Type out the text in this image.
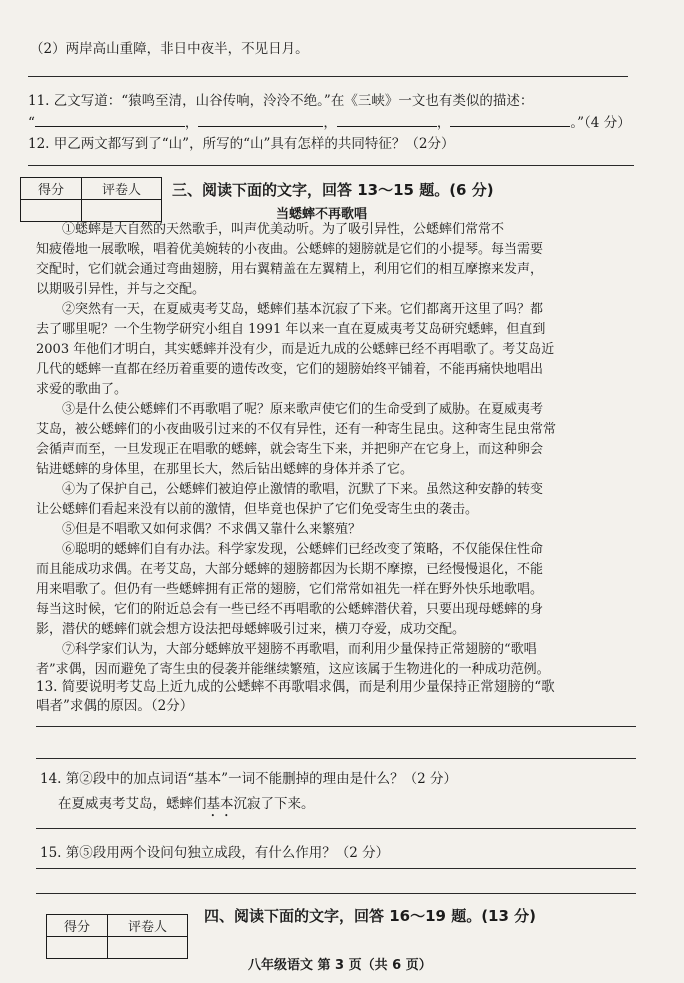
（2）两岸高山重障，非日中夜半，不见日月。
11. 乙文写道：“猿鸣至清，山谷传响，泠泠不绝。”在《三峡》一文也有类似的描述：
“	，	，	，	。”（4 分）
12. 甲乙两文都写到了“山”，所写的“山”具有怎样的共同特征？（2分）
得分	评卷人
	三、阅读下面的文字，回答 13～15 题。(6 分)
当蟋蟀不再歌唱

①蟋蟀是大自然的天然歌手，叫声优美动听。为了吸引异性，公蟋蟀们常常不

知疲倦地一展歌喉，唱着优美婉转的小夜曲。公蟋蟀的翅膀就是它们的小提琴。每当需要

交配时，它们就会通过弯曲翅膀，用右翼精盖在左翼精上，利用它们的相互摩擦来发声，

以期吸引异性，并与之交配。

②突然有一天，在夏威夷考艾岛，蟋蟀们基本沉寂了下来。它们都离开这里了吗？都

去了哪里呢？一个生物学研究小组自 1991 年以来一直在夏威夷考艾岛研究蟋蟀，但直到

2003 年他们才明白，其实蟋蟀并没有少，而是近九成的公蟋蟀已经不再唱歌了。考艾岛近

几代的蟋蟀一直都在经历着重要的遗传改变，它们的翅膀始终平铺着，不能再痛快地唱出

求爱的歌曲了。

③是什么使公蟋蟀们不再歌唱了呢？原来歌声使它们的生命受到了威胁。在夏威夷考

艾岛，被公蟋蟀们的小夜曲吸引过来的不仅有异性，还有一种寄生昆虫。这种寄生昆虫常常

会循声而至，一旦发现正在唱歌的蟋蟀，就会寄生下来，并把卵产在它身上，而这种卵会

钻进蟋蟀的身体里，在那里长大，然后钻出蟋蟀的身体并杀了它。

④为了保护自己，公蟋蟀们被迫停止激情的歌唱，沉默了下来。虽然这种安静的转变

让公蟋蟀们看起来没有以前的激情，但毕竟也保护了它们免受寄生虫的袭击。

⑤但是不唱歌又如何求偶？不求偶又靠什么来繁殖？

⑥聪明的蟋蟀们自有办法。科学家发现，公蟋蟀们已经改变了策略，不仅能保住性命

而且能成功求偶。在考艾岛，大部分蟋蟀的翅膀都因为长期不摩擦，已经慢慢退化，不能

用来唱歌了。但仍有一些蟋蟀拥有正常的翅膀，它们常常如祖先一样在野外快乐地歌唱。

每当这时候，它们的附近总会有一些已经不再唱歌的公蟋蟀潜伏着，只要出现母蟋蟀的身

影，潜伏的蟋蟀们就会想方设法把母蟋蟀吸引过来，横刀夺爱，成功交配。

⑦科学家们认为，大部分蟋蟀放平翅膀不再歌唱，而利用少量保持正常翅膀的“歌唱

者”求偶，因而避免了寄生虫的侵袭并能继续繁殖，这应该属于生物进化的一种成功范例。

13. 简要说明考艾岛上近九成的公蟋蟀不再歌唱求偶，而是利用少量保持正常翅膀的“歌
唱者”求偶的原因。（2分）
14. 第②段中的加点词语“基本”一词不能删掉的理由是什么？（2 分）
在夏威夷考艾岛，蟋蟀们基本沉寂了下来。
15. 第⑤段用两个设问句独立成段，有什么作用？（2 分）
得分	评卷人

四、阅读下面的文字，回答 16～19 题。(13 分)
八年级语文 第 3 页（共 6 页）
